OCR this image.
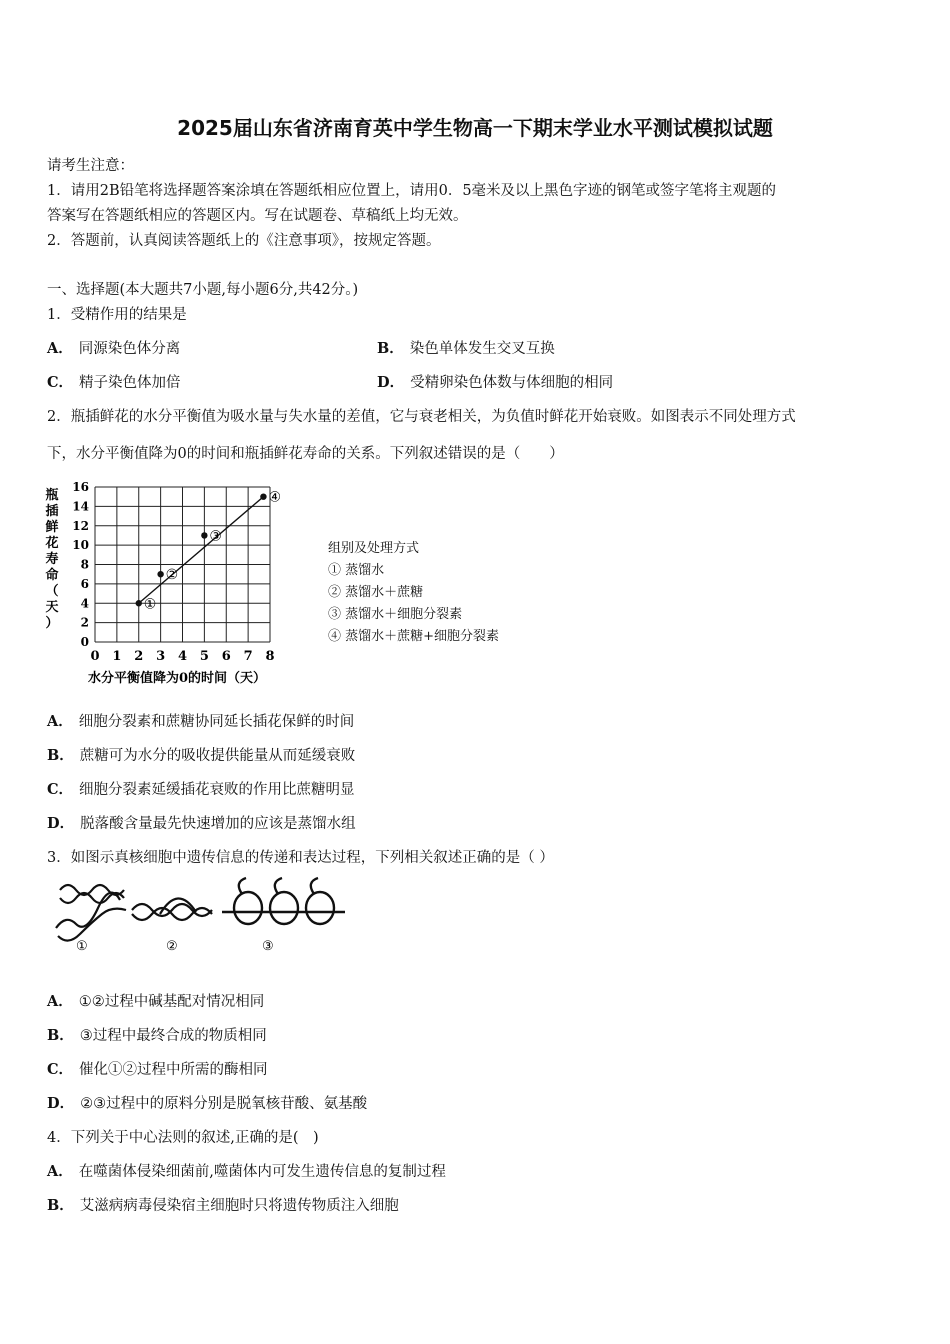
2025届山东省济南育英中学生物高一下期末学业水平测试模拟试题
请考生注意：
1．请用2B铅笔将选择题答案涂填在答题纸相应位置上，请用0．5毫米及以上黑色字迹的钢笔或签字笔将主观题的
答案写在答题纸相应的答题区内。写在试题卷、草稿纸上均无效。
2．答题前，认真阅读答题纸上的《注意事项》，按规定答题。
一、选择题(本大题共7小题,每小题6分,共42分。)
1．受精作用的结果是
A． 同源染色体分离	B． 染色单体发生交叉互换
C． 精子染色体加倍	D． 受精卵染色体数与体细胞的相同
2．瓶插鲜花的水分平衡值为吸水量与失水量的差值，它与衰老相关，为负值时鲜花开始衰败。如图表示不同处理方式
下，水分平衡值降为0的时间和瓶插鲜花寿命的关系。下列叙述错误的是（　　）
0 1 2 3 4 5 6 7 8
0
2
4
6
8
10
12
14
16
水分平衡值降为0的时间（天）
瓶
插
鲜
花
寿
命
（
天
）
①
②
③
④
组别及处理方式
① 蒸馏水
② 蒸馏水＋蔗糖
③ 蒸馏水＋细胞分裂素
④ 蒸馏水＋蔗糖+细胞分裂素
A． 细胞分裂素和蔗糖协同延长插花保鲜的时间
B． 蔗糖可为水分的吸收提供能量从而延缓衰败
C． 细胞分裂素延缓插花衰败的作用比蔗糖明显
D． 脱落酸含量最先快速增加的应该是蒸馏水组
3．如图示真核细胞中遗传信息的传递和表达过程，下列相关叙述正确的是（ ）
①	②	③
A． ①②过程中碱基配对情况相同
B． ③过程中最终合成的物质相同
C． 催化①②过程中所需的酶相同
D． ②③过程中的原料分别是脱氧核苷酸、氨基酸
4．下列关于中心法则的叙述,正确的是(　)
A． 在噬菌体侵染细菌前,噬菌体内可发生遗传信息的复制过程
B． 艾滋病病毒侵染宿主细胞时只将遗传物质注入细胞
